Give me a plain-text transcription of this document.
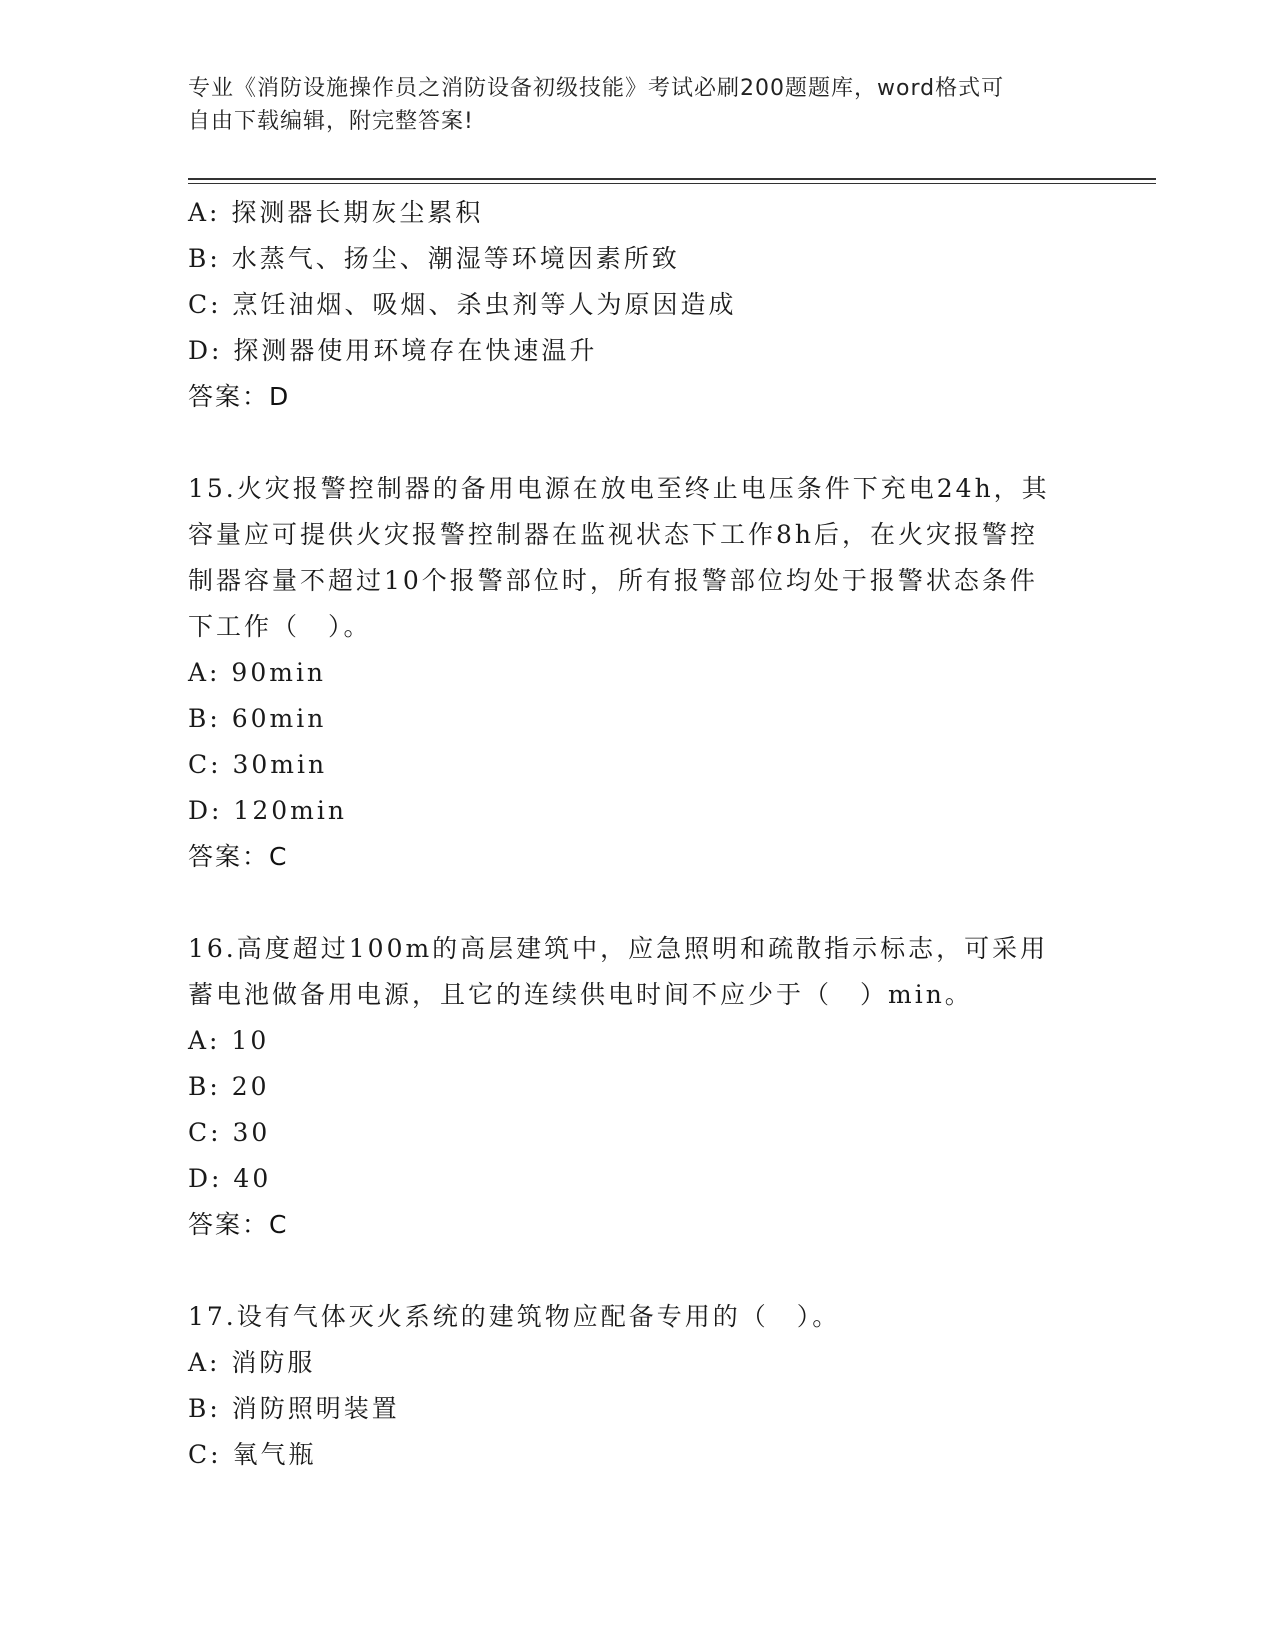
专业《消防设施操作员之消防设备初级技能》考试必刷200题题库，word格式可
自由下载编辑，附完整答案!
A: 探测器长期灰尘累积
B: 水蒸气、扬尘、潮湿等环境因素所致
C: 烹饪油烟、吸烟、杀虫剂等人为原因造成
D: 探测器使用环境存在快速温升
答案：D
15.火灾报警控制器的备用电源在放电至终止电压条件下充电24h，其
容量应可提供火灾报警控制器在监视状态下工作8h后，在火灾报警控
制器容量不超过10个报警部位时，所有报警部位均处于报警状态条件
下工作（　）。
A: 90min
B: 60min
C: 30min
D: 120min
答案：C
16.高度超过100m的高层建筑中，应急照明和疏散指示标志，可采用
蓄电池做备用电源，且它的连续供电时间不应少于（　）min。
A: 10
B: 20
C: 30
D: 40
答案：C
17.设有气体灭火系统的建筑物应配备专用的（　）。
A: 消防服
B: 消防照明装置
C: 氧气瓶
